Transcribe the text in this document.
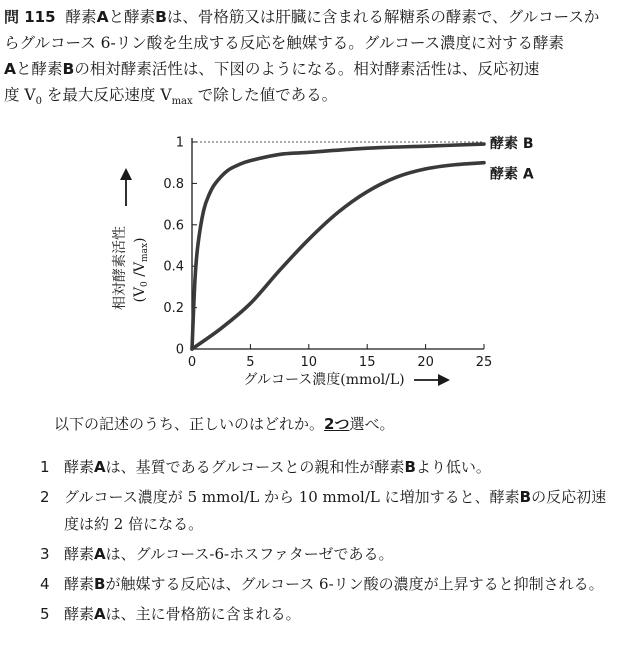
問 115 酵素Aと酵素Bは、骨格筋又は肝臓に含まれる解糖系の酵素で、グルコースか

らグルコース 6-リン酸を生成する反応を触媒する。グルコース濃度に対する酵素

Aと酵素Bの相対酵素活性は、下図のようになる。相対酵素活性は、反応初速

度 $V_0$ を最大反応速度 $V_{max}$ で除した値である。

0
0.2
0.4
0.6
0.8
1
0	5	10	15	20	25
酵素 B
酵素 A
相対酵素活性 ($V_0$ $/V_{max}$)
グルコース濃度(mmol/L)
以下の記述のうち、正しいのはどれか。2つ選べ。
1 酵素Aは、基質であるグルコースとの親和性が酵素Bより低い。
2 グルコース濃度が 5 mmol/L から 10 mmol/L に増加すると、酵素Bの反応初速度は約 2 倍になる。
3 酵素Aは、グルコース-6-ホスファターゼである。
4 酵素Bが触媒する反応は、グルコース 6-リン酸の濃度が上昇すると抑制される。
5 酵素Aは、主に骨格筋に含まれる。
